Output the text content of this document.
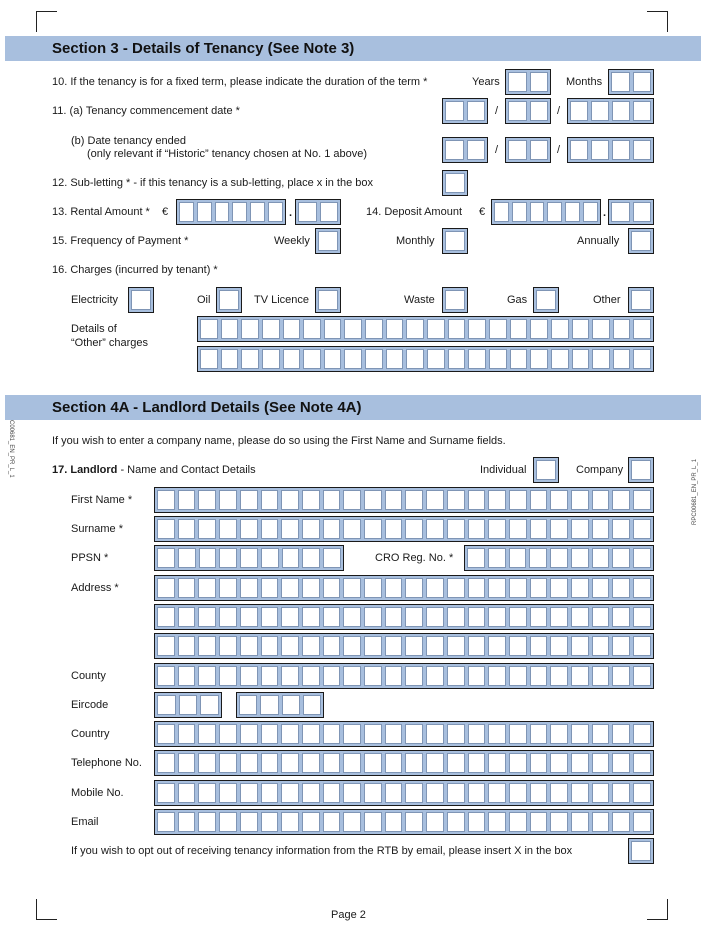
Section 3 - Details of Tenancy (See Note 3)
10. If the tenancy is for a fixed term, please indicate the duration of the term *	Years	Months
11. (a) Tenancy commencement date *	/	/
(b) Date tenancy ended
(only relevant if “Historic” tenancy chosen at No. 1 above)	/	/
12. Sub-letting * - if this tenancy is a sub-letting, place x in the box
13. Rental Amount * €	.	14. Deposit Amount €	.
15. Frequency of Payment *	Weekly	Monthly	Annually
16. Charges (incurred by tenant) *
Electricity	Oil	TV Licence	Waste	Gas	Other
Details of
“Other” charges
Section 4A - Landlord Details (See Note 4A)
If you wish to enter a company name, please do so using the First Name and Surname fields.
17. Landlord - Name and Contact Details	Individual	Company
First Name *
Surname *
PPSN *	CRO Reg. No. *
Address *
County
Eircode
Country
Telephone No.
Mobile No.
Email
If you wish to opt out of receiving tenancy information from the RTB by email, please insert X in the box
C00681_EN_PR_L_1
RPC00681_EN_PR_L_1
Page 2
